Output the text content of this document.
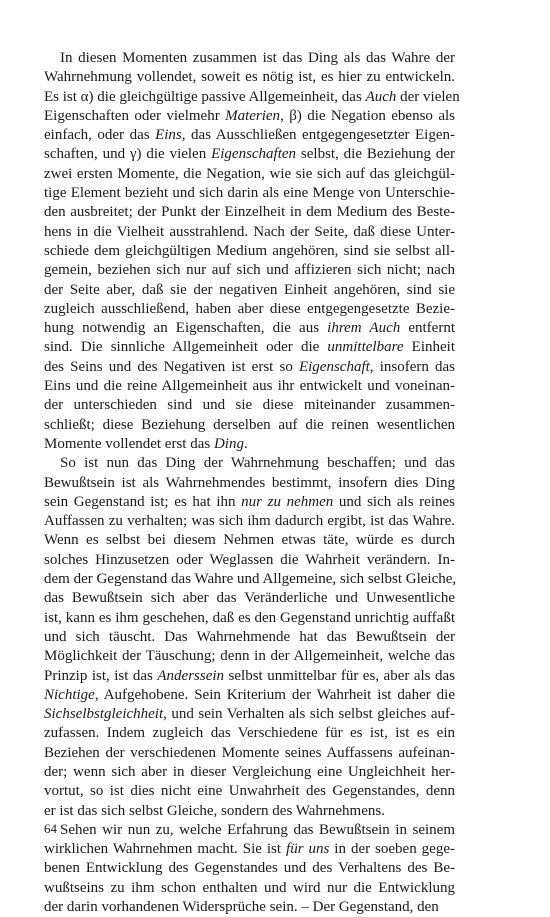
In diesen Momenten zusammen ist das Ding als das Wahre der
Wahrnehmung vollendet, soweit es nötig ist, es hier zu entwickeln.
Es ist α) die gleichgültige passive Allgemeinheit, das Auch der vielen
Eigenschaften oder vielmehr Materien, β) die Negation ebenso als
einfach, oder das Eins, das Ausschließen entgegengesetzter Eigen-
schaften, und γ) die vielen Eigenschaften selbst, die Beziehung der
zwei ersten Momente, die Negation, wie sie sich auf das gleichgül-
tige Element bezieht und sich darin als eine Menge von Unterschie-
den ausbreitet; der Punkt der Einzelheit in dem Medium des Beste-
hens in die Vielheit ausstrahlend. Nach der Seite, daß diese Unter-
schiede dem gleichgültigen Medium angehören, sind sie selbst all-
gemein, beziehen sich nur auf sich und affizieren sich nicht; nach
der Seite aber, daß sie der negativen Einheit angehören, sind sie
zugleich ausschließend, haben aber diese entgegengesetzte Bezie-
hung notwendig an Eigenschaften, die aus ihrem Auch entfernt
sind. Die sinnliche Allgemeinheit oder die unmittelbare Einheit
des Seins und des Negativen ist erst so Eigenschaft, insofern das
Eins und die reine Allgemeinheit aus ihr entwickelt und voneinan-
der unterschieden sind und sie diese miteinander zusammen-
schließt; diese Beziehung derselben auf die reinen wesentlichen
Momente vollendet erst das Ding.
So ist nun das Ding der Wahrnehmung beschaffen; und das
Bewußtsein ist als Wahrnehmendes bestimmt, insofern dies Ding
sein Gegenstand ist; es hat ihn nur zu nehmen und sich als reines
Auffassen zu verhalten; was sich ihm dadurch ergibt, ist das Wahre.
Wenn es selbst bei diesem Nehmen etwas täte, würde es durch
solches Hinzusetzen oder Weglassen die Wahrheit verändern. In-
dem der Gegenstand das Wahre und Allgemeine, sich selbst Gleiche,
das Bewußtsein sich aber das Veränderliche und Unwesentliche
ist, kann es ihm geschehen, daß es den Gegenstand unrichtig auffaßt
und sich täuscht. Das Wahrnehmende hat das Bewußtsein der
Möglichkeit der Täuschung; denn in der Allgemeinheit, welche das
Prinzip ist, ist das Anderssein selbst unmittelbar für es, aber als das
Nichtige, Aufgehobene. Sein Kriterium der Wahrheit ist daher die
Sichselbstgleichheit, und sein Verhalten als sich selbst gleiches auf-
zufassen. Indem zugleich das Verschiedene für es ist, ist es ein
Beziehen der verschiedenen Momente seines Auffassens aufeinan-
der; wenn sich aber in dieser Vergleichung eine Ungleichheit her-
vortut, so ist dies nicht eine Unwahrheit des Gegenstandes, denn
er ist das sich selbst Gleiche, sondern des Wahrnehmens.
Sehen wir nun zu, welche Erfahrung das Bewußtsein in seinem
wirklichen Wahrnehmen macht. Sie ist für uns in der soeben gege-
benen Entwicklung des Gegenstandes und des Verhaltens des Be-
wußtseins zu ihm schon enthalten und wird nur die Entwicklung
der darin vorhandenen Widersprüche sein. – Der Gegenstand, den
64
